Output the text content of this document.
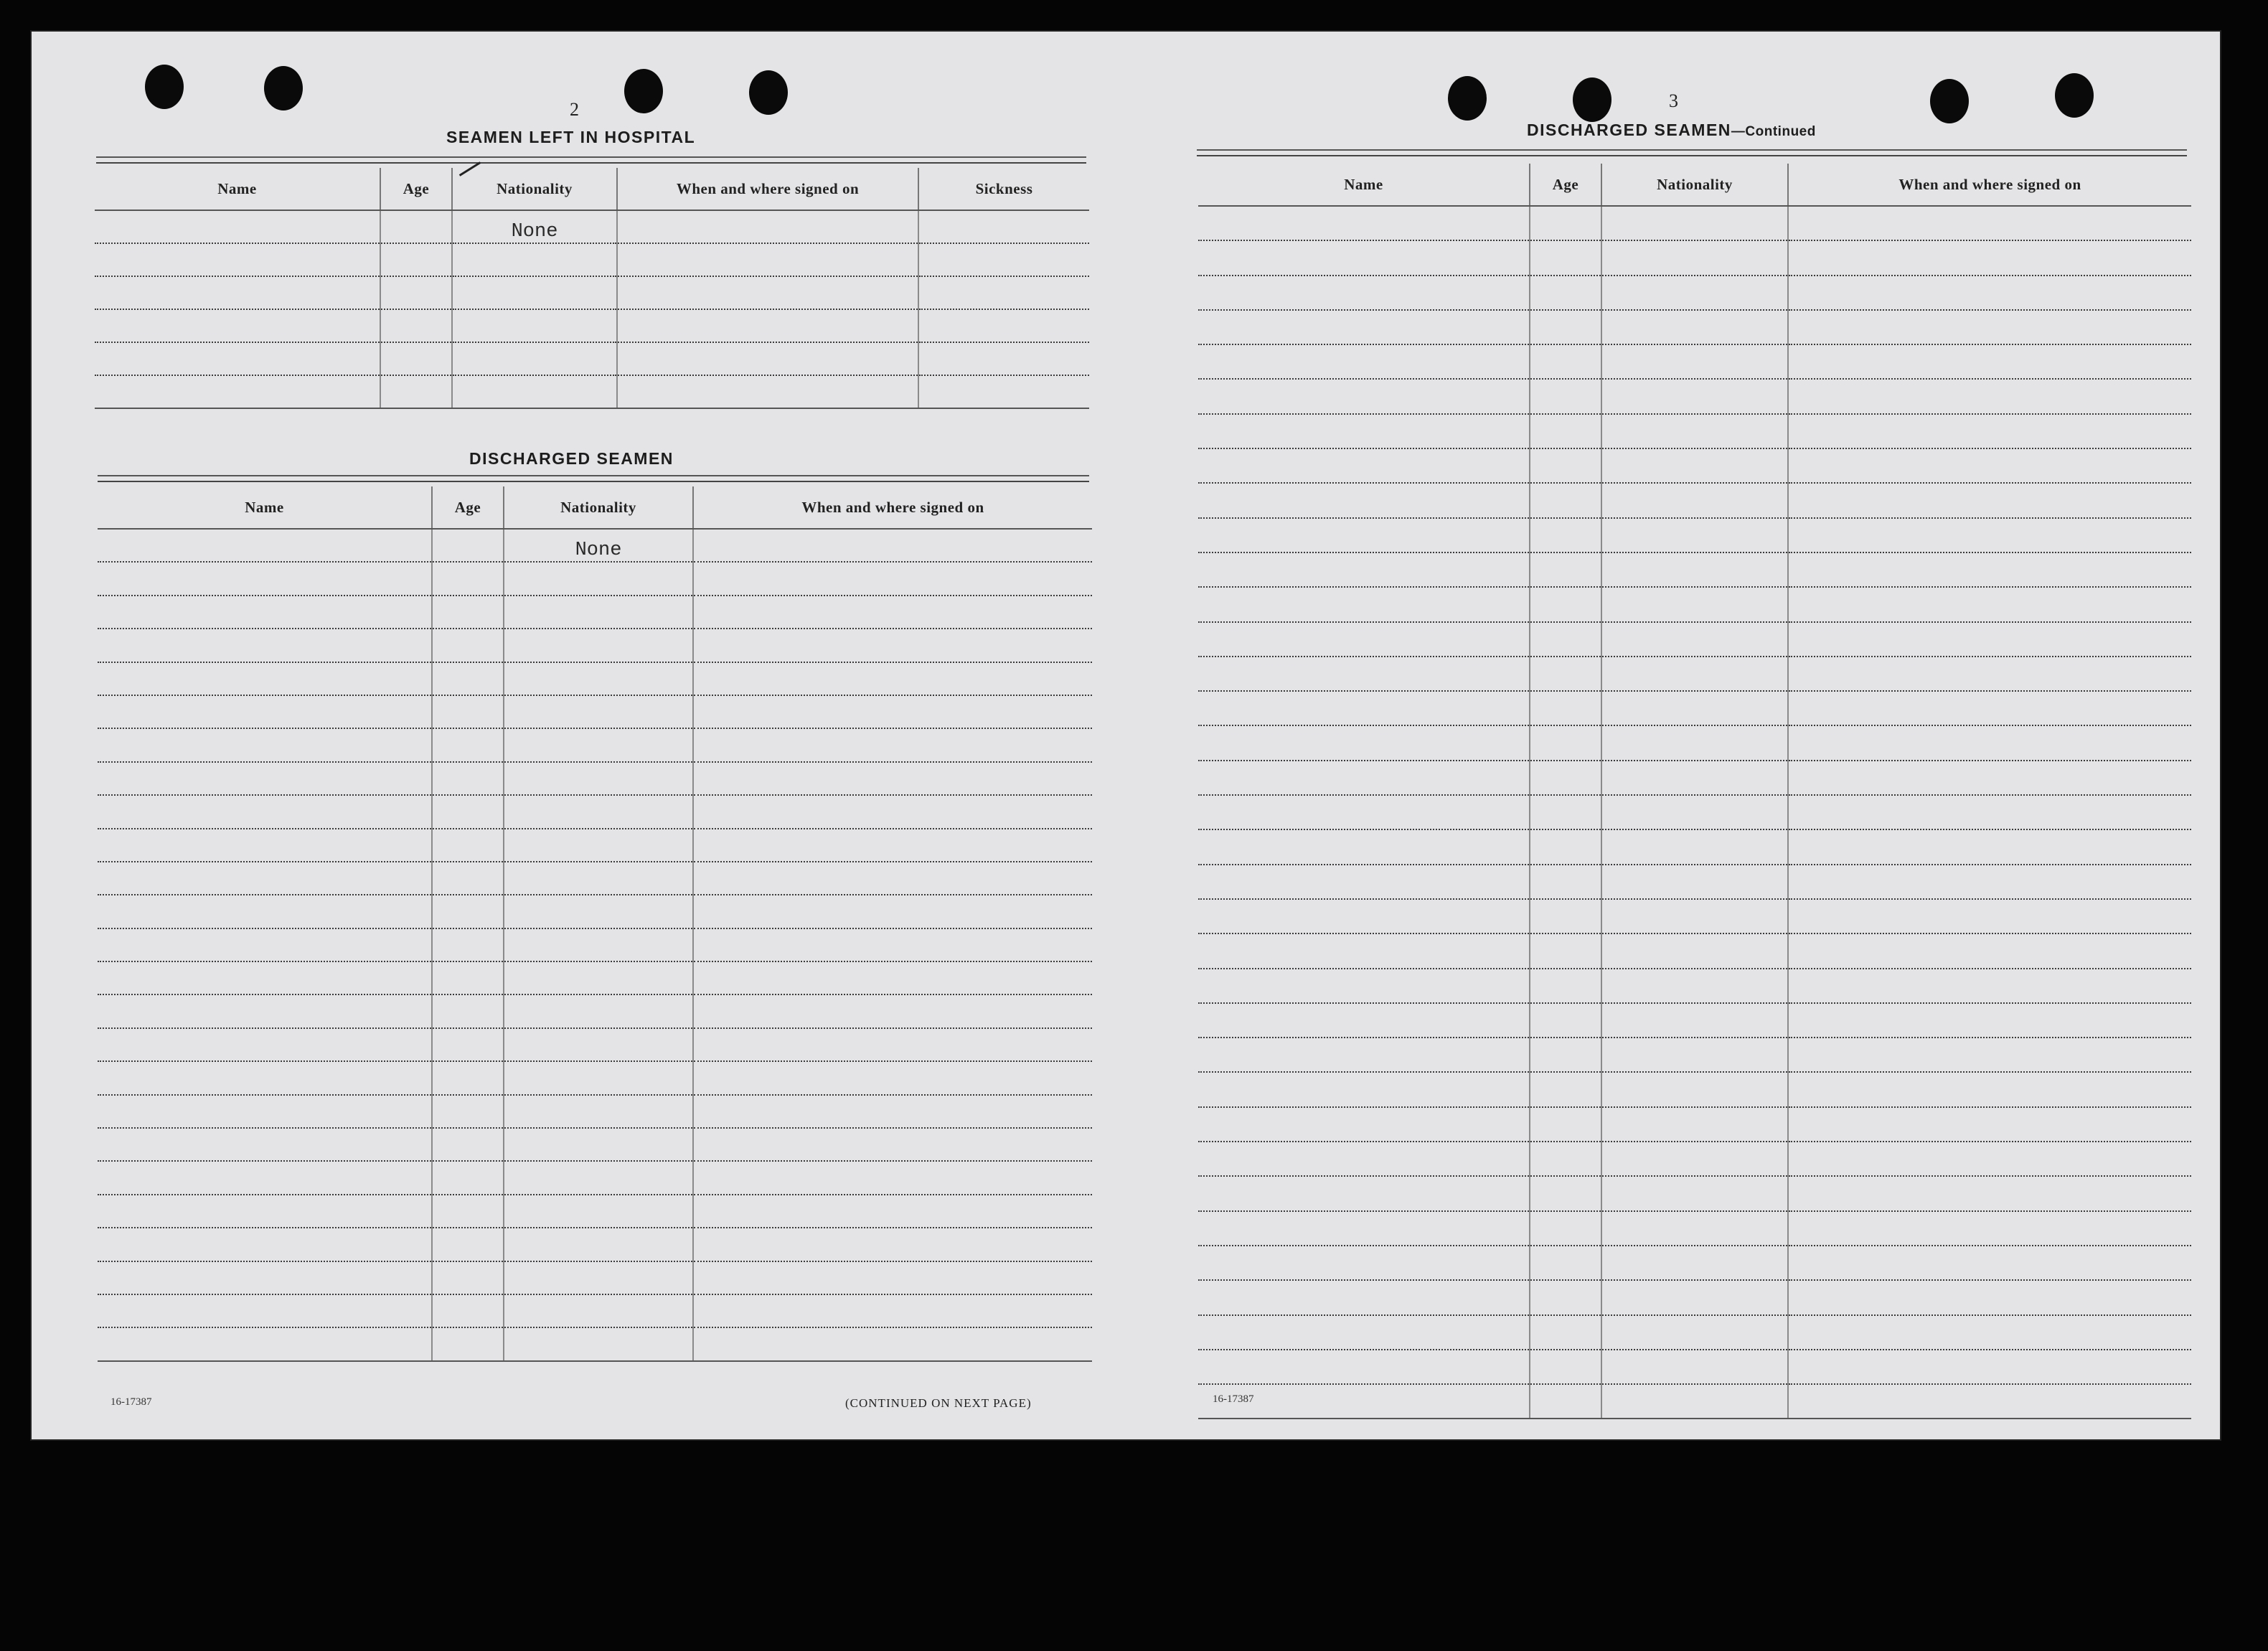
2
SEAMEN LEFT IN HOSPITAL
Name	Age	Nationality	When and where signed on	Sickness
		None		

DISCHARGED SEAMEN
Name	Age	Nationality	When and where signed on
		None	

16-17387	(CONTINUED ON NEXT PAGE)
3
DISCHARGED SEAMEN—Continued
Name	Age	Nationality	When and where signed on

16-17387
